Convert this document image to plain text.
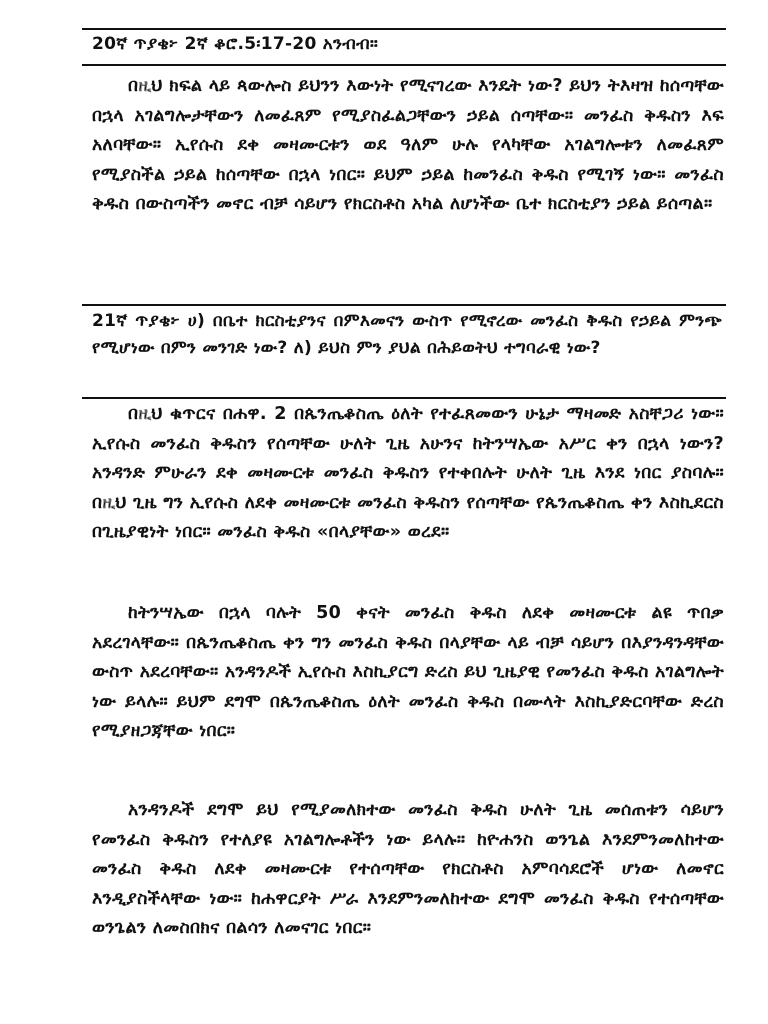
20ኛ ጥያቄ፦ 2ኛ ቆሮ.5፡17-20 አንብብ።

በዚህ ክፍል ላይ ጳውሎስ ይህንን እውነት የሚናገረው እንዴት ነው? ይህን ትእዛዝ ከሰጣቸው በኋላ አገልግሎታቸውን ለመፈጸም የሚያስፈልጋቸውን ኃይል ሰጣቸው። መንፈስ ቅዱስን እፍ አለባቸው። ኢየሱስ ደቀ መዛሙርቱን ወደ ዓለም ሁሉ የላካቸው አገልግሎቱን ለመፈጸም የሚያስችል ኃይል ከሰጣቸው በኋላ ነበር። ይህም ኃይል ከመንፈስ ቅዱስ የሚገኝ ነው። መንፈስ ቅዱስ በውስጣችን መኖር ብቻ ሳይሆን የክርስቶስ አካል ለሆነችው ቤተ ክርስቲያን ኃይል ይሰጣል።

21ኛ ጥያቄ፦ ሀ) በቤተ ክርስቲያንና በምእመናን ውስጥ የሚኖረው መንፈስ ቅዱስ የኃይል ምንጭ የሚሆነው በምን መንገድ ነው? ለ) ይህስ ምን ያህል በሕይወትህ ተግባራዊ ነው?

በዚህ ቁጥርና በሐዋ. 2 በጴንጤቆስጤ ዕለት የተፈጸመውን ሁኔታ ማዛመድ አስቸጋሪ ነው። ኢየሱስ መንፈስ ቅዱስን የሰጣቸው ሁለት ጊዜ አሁንና ከትንሣኤው አሥር ቀን በኋላ ነውን? አንዳንድ ምሁራን ደቀ መዛሙርቱ መንፈስ ቅዱስን የተቀበሉት ሁለት ጊዜ እንደ ነበር ያስባሉ። በዚህ ጊዜ ግን ኢየሱስ ለደቀ መዛሙርቱ መንፈስ ቅዱስን የሰጣቸው የጴንጤቆስጤ ቀን እስኪደርስ በጊዜያዊነት ነበር። መንፈስ ቅዱስ «በላያቸው» ወረደ።

ከትንሣኤው በኋላ ባሉት 50 ቀናት መንፈስ ቅዱስ ለደቀ መዛሙርቱ ልዩ ጥበቃ አደረገላቸው። በጴንጤቆስጤ ቀን ግን መንፈስ ቅዱስ በላያቸው ላይ ብቻ ሳይሆን በእያንዳንዳቸው ውስጥ አደረባቸው። አንዳንዶች ኢየሱስ እስኪያርግ ድረስ ይህ ጊዜያዊ የመንፈስ ቅዱስ አገልግሎት ነው ይላሉ። ይህም ደግሞ በጴንጤቆስጤ ዕለት መንፈስ ቅዱስ በሙላት እስኪያድርባቸው ድረስ የሚያዘጋጃቸው ነበር።

አንዳንዶች ደግሞ ይህ የሚያመለክተው መንፈስ ቅዱስ ሁለት ጊዜ መሰጠቱን ሳይሆን የመንፈስ ቅዱስን የተለያዩ አገልግሎቶችን ነው ይላሉ። ከዮሐንስ ወንጌል እንደምንመለከተው መንፈስ ቅዱስ ለደቀ መዛሙርቱ የተሰጣቸው የክርስቶስ አምባሳደሮች ሆነው ለመኖር እንዲያስችላቸው ነው። ከሐዋርያት ሥራ እንደምንመለከተው ደግሞ መንፈስ ቅዱስ የተሰጣቸው ወንጌልን ለመስበክና በልሳን ለመናገር ነበር።
